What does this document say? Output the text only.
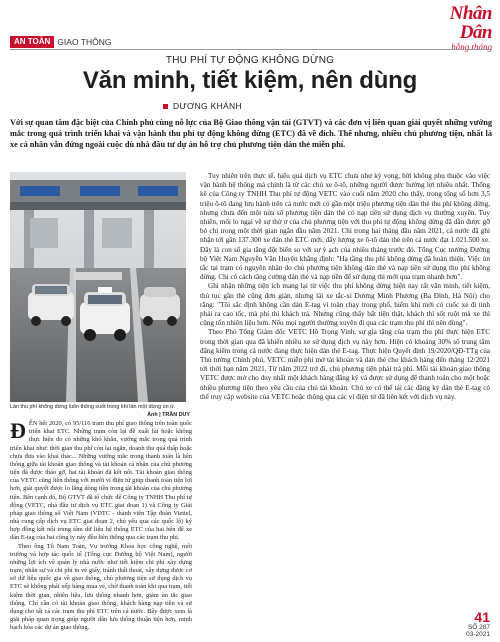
Nhân Dân
hằng tháng
AN TOÀN GIAO THÔNG
THU PHÍ TỰ ĐỘNG KHÔNG DỪNG
Văn minh, tiết kiệm, nên dùng
DƯƠNG KHÁNH
Với sự quan tâm đặc biệt của Chính phủ cùng nỗ lực của Bộ Giao thông vận tải (GTVT) và các đơn vị liên quan giải quyết những vướng mắc trong quá trình triển khai và vận hành thu phí tự động không dừng (ETC) đã về đích. Thế nhưng, nhiều chủ phương tiện, nhất là xe cá nhân vẫn đứng ngoài cuộc dù nhà đầu tư dự án hỗ trợ chủ phương tiện dán thẻ miễn phí.
Làn thu phí không dừng luôn thông suốt trong khi làn một dừng ùn ứ.
Ảnh | TRẦN DUY

ĐẾN hết 2020, có 95/116 trạm thu phí giao thông trên toàn quốc triển khai ETC. Những trạm còn lại đề xuất lùi hoặc không thực hiện do có những khó khăn, vướng mắc trong quá trình triển khai như: thời gian thu phí còn lại ngắn, doanh thu quá thấp hoặc chưa đưa vào khai thác... Những vướng mắc trong thanh toán là liên thông giữa tài khoản giao thông và tài khoản cá nhân của chủ phương tiện đã được tháo gỡ, hai tài khoản đã kết nối. Tài khoản giao thông của VETC cũng liên thông với mười ví điện tử giúp thanh toán tiện lợi hơn, giải quyết được lo lắng dòng tiền trong tài khoản của chủ phương tiện. Bên cạnh đó, Bộ GTVT đã tổ chức để Công ty TNHH Thu phí tự động (VETC, nhà đầu tư dịch vụ ETC giai đoạn 1) và Công ty Giải pháp giao thông số Việt Nam (VDTC - thành viên Tập đoàn Viettel, nhà cung cấp dịch vụ ETC giai đoạn 2, chủ yếu qua các quốc lộ) ký hợp đồng kết nối trung tâm dữ liệu hệ thống ETC của hai bên để xe dán E-tag của hai công ty này đều liên thông qua các trạm thu phí.

Theo ông Tô Nam Toàn, Vụ trưởng Khoa học công nghệ, môi trường và hợp tác quốc tế (Tổng cục Đường bộ Việt Nam), người những lợi ích về quản lý nhà nước như tiết kiệm chi phí xây dựng trạm, nhân sự và chi phí in vé giấy, tránh thất thoát, xây dựng được cơ sở dữ liệu quốc gia về giao thông, chủ phương tiện sử dụng dịch vụ ETC sẽ không phải xếp hàng mua vé, chờ thanh toán khi qua trạm, tiết kiệm thời gian, nhiên liệu, lưu thông nhanh hơn, giảm ùn tắc giao thông. Chỉ cần có tài khoản giao thông, khách hàng nạp tiền và sử dụng cho tất cả các trạm thu phí ETC trên cả nước. Bây được xem là giải pháp quan trọng giúp người dân lưu thông thuận tiện hơn, minh bạch hóa các dự án giao thông.

Tuy nhiên trên thực tế, hiệu quả dịch vụ ETC chưa như kỳ vọng, bởi không phụ thuộc vào việc vận hành hệ thống mà chính là từ các chủ xe ô-tô, những người được hưởng lợi nhiều nhất. Thống kê của Công ty TNHH Thu phí tự động VETC vào cuối năm 2020 cho thấy, trong tổng số hơn 3,5 triệu ô-tô đang lưu hành trên cả nước mới có gần một triệu phương tiện dán thẻ thu phí không dừng, nhưng chưa đến một nửa số phương tiện dán thẻ có nạp tiền sử dụng dịch vụ thường xuyên. Tuy nhiên, mối lo ngại về sự thờ ơ của chủ phương tiện với thu phí tự động không dừng đã dần được gỡ bỏ chỉ trong một thời gian ngắn đầu năm 2021. Chỉ trong hai tháng đầu năm 2021, cả nước đã ghi nhận tới gần 137.300 xe dán thẻ ETC mới, đẩy lượng xe ô-tô dán thẻ trên cả nước đạt 1.021.500 xe. Đây là con số gia tăng đột biến so với sự ỳ ạch của nhiều tháng trước đó. Tổng Cục trưởng Đường bộ Việt Nam Nguyễn Văn Huyện khẳng định: "Hạ tầng thu phí không dừng đã hoàn thiện. Việc ùn tắc tại trạm có nguyên nhân do chủ phương tiện không dán thẻ và nạp tiền sử dụng thu phí không dừng. Chỉ có cách tăng cường dán thẻ và nạp tiền để sử dụng thì mới qua trạm nhanh hơn".

Ghi nhận những tiện ích mang lại từ việc thu phí không dừng hiện nay rất văn minh, tiết kiệm, thủ tục gần thẻ cũng đơn giản, nhưng lái xe tắc-xi Dương Minh Phương (Ba Đình, Hà Nội) cho rằng: "Tôi sắc định không cần dán E-tag vì toàn chạy trong phố, hiếm khi mới có cuốc xe đi tỉnh phải ra cao tốc, mà phí thì khách trả. Nhưng cũng thấy bất tiện thật, khách thì sốt ruột mà xe thì cũng tốn nhiên liệu hơn. Nếu mọi người thường xuyên đi qua các trạm thu phí thì nên dùng".

Theo Phó Tổng Giám đốc VETC Hồ Trọng Vinh, sự gia tăng của trạm thu phí thực hiện ETC trong thời gian qua đã khiến nhiều xe sử dụng dịch vụ này hơn. Hiện có khoảng 30% số trung tâm đăng kiểm trong cả nước đang thực hiện dán thẻ E-tag. Thực hiện Quyết định 19/2020/QĐ-TTg của Thủ tướng Chính phủ, VETC miễn phí mở tài khoản và dán thẻ cho khách hàng đến tháng 12/2021 tới thời hạn năm 2021. Từ năm 2022 trở đi, chủ phương tiện phải trả phí. Mỗi tài khoản giao thông VETC được mở cho duy nhất một khách hàng đăng ký và được sử dụng để thanh toán cho một hoặc nhiều phương tiện theo yêu cầu của chủ tài khoản. Chủ xe có thể tải các đăng ký dán thẻ E-tag có thể truy cập website của VETC hoặc thông qua các ví điện tử đã liên kết với dịch vụ này.

41
SỐ 287
03-2021
